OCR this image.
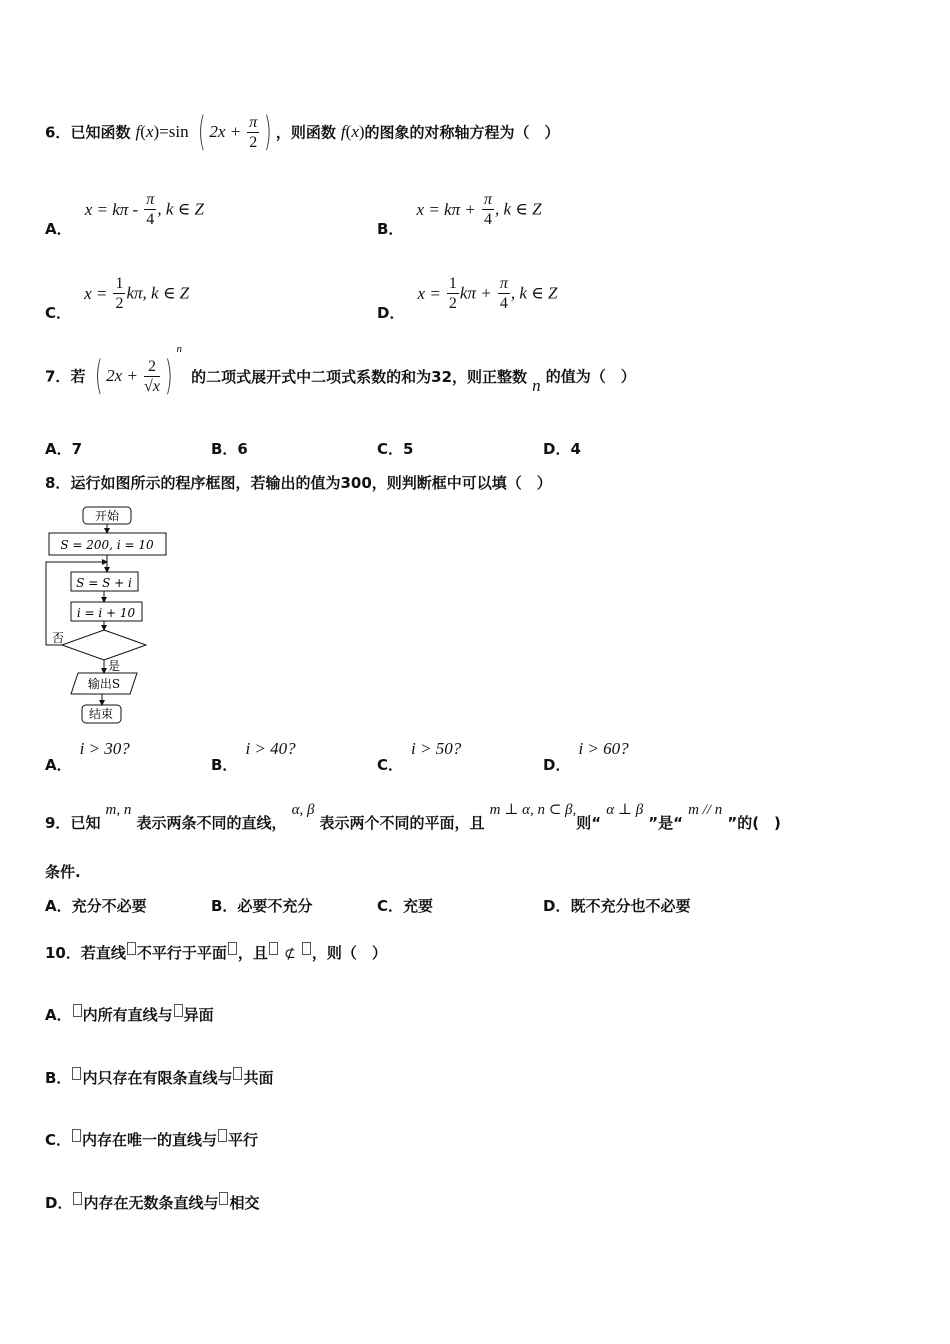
6．已知函数 f(x)=sin ( $2x + \frac{\pi}{2}$ ) ，则函数 f(x)的图象的对称轴方程为（　）
A． $x = k\pi - \frac{\pi}{4}$ , k ∈ Z
B． $x = k\pi + \frac{\pi}{4}$ , k ∈ Z
C． $x = \frac{1}{2} k\pi$, k ∈ Z
D． $x = \frac{1}{2}$ $k\pi + \frac{\pi}{4}$ , k ∈ Z
7．若 ( $2x + \frac{2}{√x} )^n$ 的二项式展开式中二项式系数的和为32，则正整数 n 的值为（　）
A．7	B．6	C．5	D．4
8．运行如图所示的程序框图，若输出的值为300，则判断框中可以填（　）
开始
S = 200, i = 10
S = S + i
i = i + 10
否
是
输出S
结束
A．i > 30?
B．i > 40?
C．i > 50?
D．i > 60?
9．已知 m, n 表示两条不同的直线， α, β 表示两个不同的平面，且 m ⊥ α, n ⊂ β,则“ α ⊥ β ”是“ m // n ”的(　)
条件.
A．充分不必要	B．必要不充分	C．充要	D．既不充分也不必要
10．若直线 不平行于平面 ，且 ⊄ ，则（　）
A． 内所有直线与 异面
B． 内只存在有限条直线与 共面
C． 内存在唯一的直线与 平行
D． 内存在无数条直线与 相交
